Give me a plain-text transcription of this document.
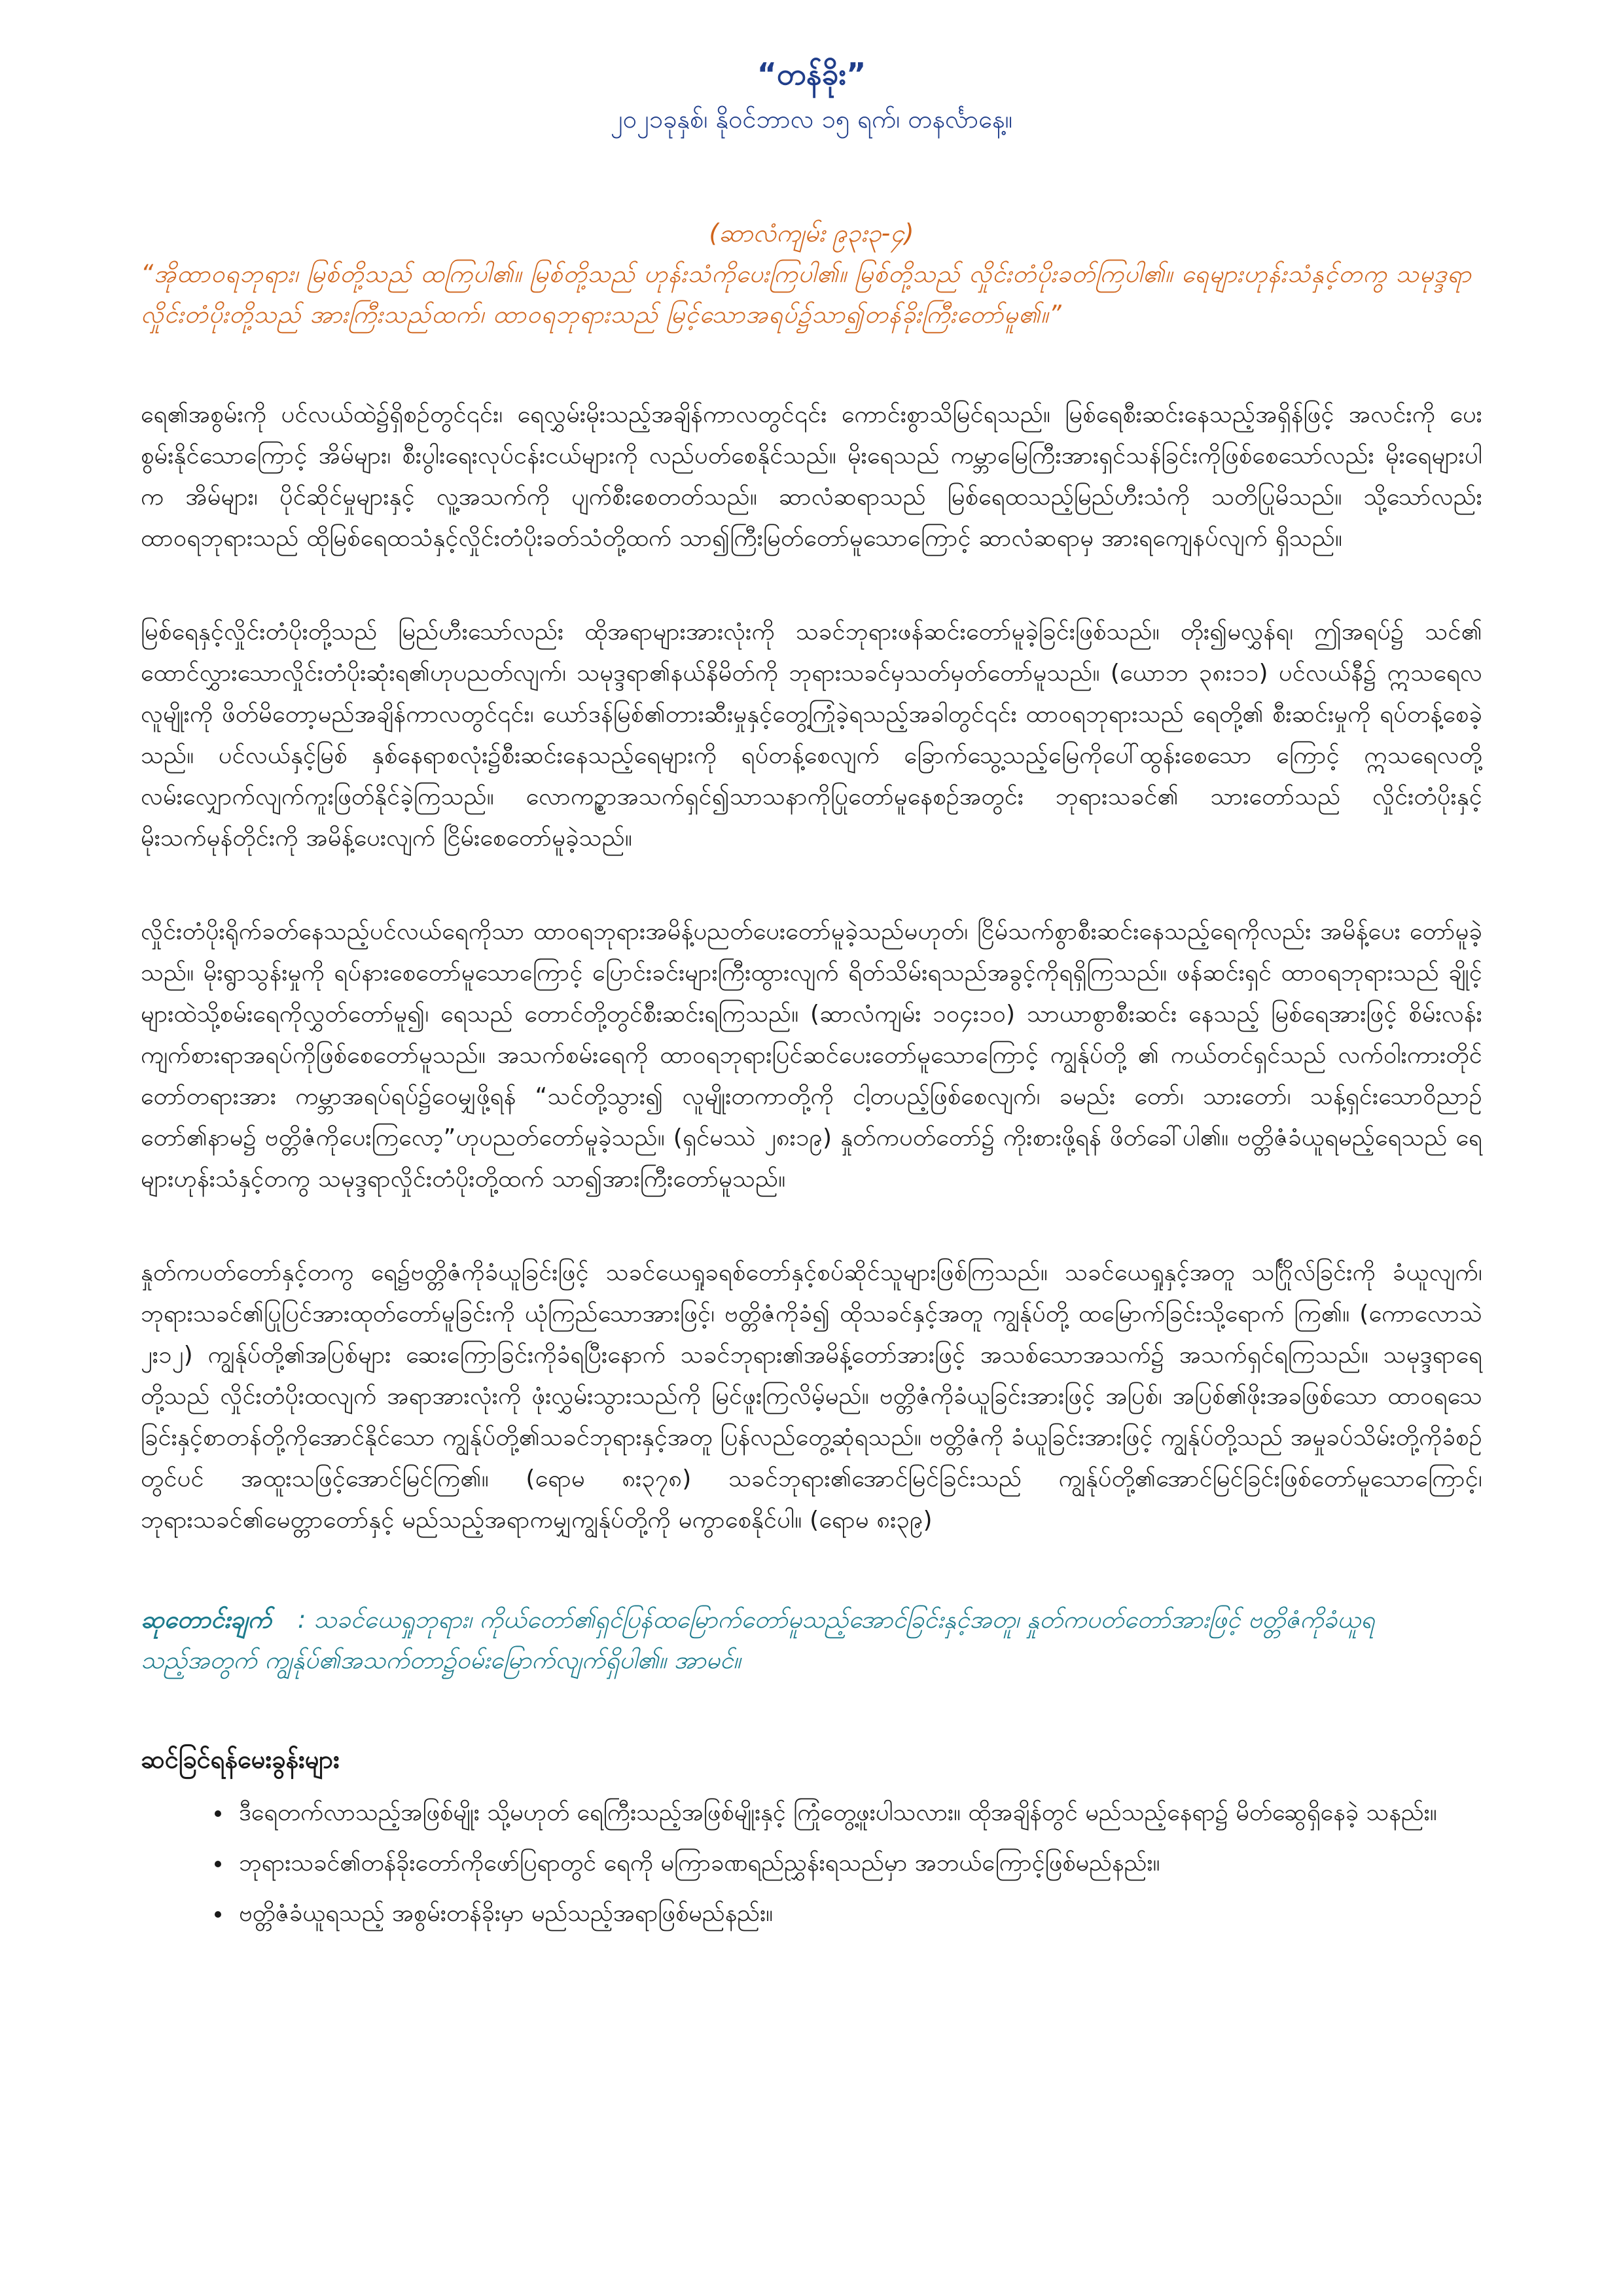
“တန်ခိုး”

၂၀၂၁ခုနှစ်၊ နိုဝင်ဘာလ ၁၅ ရက်၊ တနင်္လာနေ့။

(ဆာလံကျမ်း ၉၃း၃-၄)

“အိုထာဝရဘုရား၊ မြစ်တို့သည် ထကြပါ၏။ မြစ်တို့သည် ဟုန်းသံကိုပေးကြပါ၏။ မြစ်တို့သည် လှိုင်းတံပိုးခတ်ကြပါ၏။ ရေများဟုန်းသံနှင့်တကွ သမုဒ္ဒရာလှိုင်းတံပိုးတို့သည် အားကြီးသည်ထက်၊ ထာဝရဘုရားသည် မြင့်သောအရပ်၌သာ၍တန်ခိုးကြီးတော်မူ၏။”

ရေ၏အစွမ်းကို ပင်လယ်ထဲ၌ရှိစဉ်တွင်၎င်း၊ ရေလွှမ်းမိုးသည့်အချိန်ကာလတွင်၎င်း ကောင်းစွာသိမြင်ရသည်။ မြစ်ရေစီးဆင်းနေသည့်အရှိန်ဖြင့် အလင်းကို ပေးစွမ်းနိုင်သောကြောင့် အိမ်များ၊ စီးပွါးရေးလုပ်ငန်းငယ်များကို လည်ပတ်စေနိုင်သည်။ မိုးရေသည် ကမ္ဘာမြေကြီးအားရှင်သန်ခြင်းကိုဖြစ်စေသော်လည်း မိုးရေများပါက အိမ်များ၊ ပိုင်ဆိုင်မှုများနှင့် လူ့အသက်ကို ပျက်စီးစေတတ်သည်။ ဆာလံဆရာသည် မြစ်ရေထသည့်မြည်ဟီးသံကို သတိပြုမိသည်။ သို့သော်လည်း ထာဝရဘုရားသည် ထိုမြစ်ရေထသံနှင့်လှိုင်းတံပိုးခတ်သံတို့ထက် သာ၍ကြီးမြတ်တော်မူသောကြောင့် ဆာလံဆရာမှ အားရကျေနပ်လျက် ရှိသည်။

မြစ်ရေနှင့်လှိုင်းတံပိုးတို့သည် မြည်ဟီးသော်လည်း ထိုအရာများအားလုံးကို သခင်ဘုရားဖန်ဆင်းတော်မူခဲ့ခြင်းဖြစ်သည်။ တိုး၍မလွှန်ရ၊ ဤအရပ်၌ သင်၏ ထောင်လွှားသောလှိုင်းတံပိုးဆုံးရ၏ဟုပညတ်လျက်၊ သမုဒ္ဒရာ၏နယ်နိမိတ်ကို ဘုရားသခင်မှသတ်မှတ်တော်မူသည်။ (ယောဘ ၃၈း၁၁) ပင်လယ်နီ၌ ဣသရေလလူမျိုးကို ဖိတ်မိတော့မည်အချိန်ကာလတွင်၎င်း၊ ယော်ဒန်မြစ်၏တားဆီးမှုနှင့်တွေ့ကြုံခဲ့ရသည့်အခါတွင်၎င်း ထာဝရဘုရားသည် ရေတို့၏ စီးဆင်းမှုကို ရပ်တန့်စေခဲ့သည်။ ပင်လယ်နှင့်မြစ် နှစ်နေရာစလုံး၌စီးဆင်းနေသည့်ရေများကို ရပ်တန့်စေလျက် ခြောက်သွေ့သည့်မြေကိုပေါ်ထွန်းစေသော ကြောင့် ဣသရေလတို့ လမ်းလျှောက်လျက်ကူးဖြတ်နိုင်ခဲ့ကြသည်။ လောကဥ္စာအသက်ရှင်၍သာသနာကိုပြုတော်မူနေစဉ်အတွင်း ဘုရားသခင်၏ သားတော်သည် လှိုင်းတံပိုးနှင့်မိုးသက်မုန်တိုင်းကို အမိန့်ပေးလျက် ငြိမ်းစေတော်မူခဲ့သည်။

လှိုင်းတံပိုးရိုက်ခတ်နေသည့်ပင်လယ်ရေကိုသာ ထာဝရဘုရားအမိန့်ပညတ်ပေးတော်မူခဲ့သည်မဟုတ်၊ ငြိမ်သက်စွာစီးဆင်းနေသည့်ရေကိုလည်း အမိန့်ပေး တော်မူခဲ့သည်။ မိုးရွာသွန်းမှုကို ရပ်နားစေတော်မူသောကြောင့် ပြောင်းခင်းများကြီးထွားလျက် ရိတ်သိမ်းရသည်အခွင့်ကိုရရှိကြသည်။ ဖန်ဆင်းရှင် ထာဝရဘုရားသည် ချိုင့်များထဲသို့စမ်းရေကိုလွှတ်တော်မူ၍၊ ရေသည် တောင်တို့တွင်စီးဆင်းရကြသည်။ (ဆာလံကျမ်း ၁၀၄း၁၀) သာယာစွာစီးဆင်း နေသည့် မြစ်ရေအားဖြင့် စိမ်းလန်းကျက်စားရာအရပ်ကိုဖြစ်စေတော်မူသည်။ အသက်စမ်းရေကို ထာဝရဘုရားပြင်ဆင်ပေးတော်မူသောကြောင့် ကျွန်ုပ်တို့ ၏ ကယ်တင်ရှင်သည် လက်ဝါးကားတိုင်တော်တရားအား ကမ္ဘာအရပ်ရပ်၌ဝေမျှဖို့ရန် “သင်တို့သွား၍ လူမျိုးတကာတို့ကို ငါ့တပည့်ဖြစ်စေလျက်၊ ခမည်း တော်၊ သားတော်၊ သန့်ရှင်းသောဝိညာဉ်တော်၏နာမ၌ ဗတ္တိဇံကိုပေးကြလော့”ဟုပညတ်တော်မူခဲ့သည်။ (ရှင်မဿဲ ၂၈း၁၉) နှုတ်ကပတ်တော်၌ ကိုးစားဖို့ရန် ဖိတ်ခေါ်ပါ၏။ ဗတ္တိဇံခံယူရမည့်ရေသည် ရေများဟုန်းသံနှင့်တကွ သမုဒ္ဒရာလှိုင်းတံပိုးတို့ထက် သာ၍အားကြီးတော်မူသည်။

နှုတ်ကပတ်တော်နှင့်တကွ ရေ၌ဗတ္တိဇံကိုခံယူခြင်းဖြင့် သခင်ယေရှုခရစ်တော်နှင့်စပ်ဆိုင်သူများဖြစ်ကြသည်။ သခင်ယေရှုနှင့်အတူ သင်္ဂြိုလ်ခြင်းကို ခံယူလျက်၊ ဘုရားသခင်၏ပြုပြင်အားထုတ်တော်မူခြင်းကို ယုံကြည်သောအားဖြင့်၊ ဗတ္တိဇံကိုခံ၍ ထိုသခင်နှင့်အတူ ကျွန်ုပ်တို့ ထမြောက်ခြင်းသို့ရောက် ကြ၏။ (ကောလောသဲ ၂း၁၂) ကျွန်ုပ်တို့၏အပြစ်များ ဆေးကြောခြင်းကိုခံရပြီးနောက် သခင်ဘုရား၏အမိန့်တော်အားဖြင့် အသစ်သောအသက်၌ အသက်ရှင်ရကြသည်။ သမုဒ္ဒရာရေတို့သည် လှိုင်းတံပိုးထလျက် အရာအားလုံးကို ဖုံးလွှမ်းသွားသည်ကို မြင်ဖူးကြလိမ့်မည်။ ဗတ္တိဇံကိုခံယူခြင်းအားဖြင့် အပြစ်၊ အပြစ်၏ဖိုးအခဖြစ်သော ထာဝရသေခြင်းနှင့်စာတန်တို့ကိုအောင်နိုင်သော ကျွန်ုပ်တို့၏သခင်ဘုရားနှင့်အတူ ပြန်လည်တွေ့ဆုံရသည်။ ဗတ္တိဇံကို ခံယူခြင်းအားဖြင့် ကျွန်ုပ်တို့သည် အမှုခပ်သိမ်းတို့ကိုခံစဉ်တွင်ပင် အထူးသဖြင့်အောင်မြင်ကြ၏။ (ရောမ ၈း၃၇၈) သခင်ဘုရား၏အောင်မြင်ခြင်းသည် ကျွန်ုပ်တို့၏အောင်မြင်ခြင်းဖြစ်တော်မူသောကြောင့်၊ ဘုရားသခင်၏မေတ္တာတော်နှင့် မည်သည့်အရာကမျှကျွန်ုပ်တို့ကို မကွာစေနိုင်ပါ။ (ရောမ ၈း၃၉)

ဆုတောင်းချက် : သခင်ယေရှုဘုရား၊ ကိုယ်တော်၏ရှင်ပြန်ထမြောက်တော်မူသည့်အောင်ခြင်းနှင့်အတူ၊ နှုတ်ကပတ်တော်အားဖြင့် ဗတ္တိဇံကိုခံယူရသည့်အတွက် ကျွန်ုပ်၏အသက်တာ၌ဝမ်းမြောက်လျက်ရှိပါ၏။ အာမင်။

ဆင်ခြင်ရန်မေးခွန်းများ

• ဒီရေတက်လာသည့်အဖြစ်မျိုး သို့မဟုတ် ရေကြီးသည့်အဖြစ်မျိုးနှင့် ကြုံတွေ့ဖူးပါသလား။ ထိုအချိန်တွင် မည်သည့်နေရာ၌ မိတ်ဆွေရှိနေခဲ့ သနည်း။
• ဘုရားသခင်၏တန်ခိုးတော်ကိုဖော်ပြရာတွင် ရေကို မကြာခဏရည်ညွှန်းရသည်မှာ အဘယ်ကြောင့်ဖြစ်မည်နည်း။
• ဗတ္တိဇံခံယူရသည့် အစွမ်းတန်ခိုးမှာ မည်သည့်အရာဖြစ်မည်နည်း။
